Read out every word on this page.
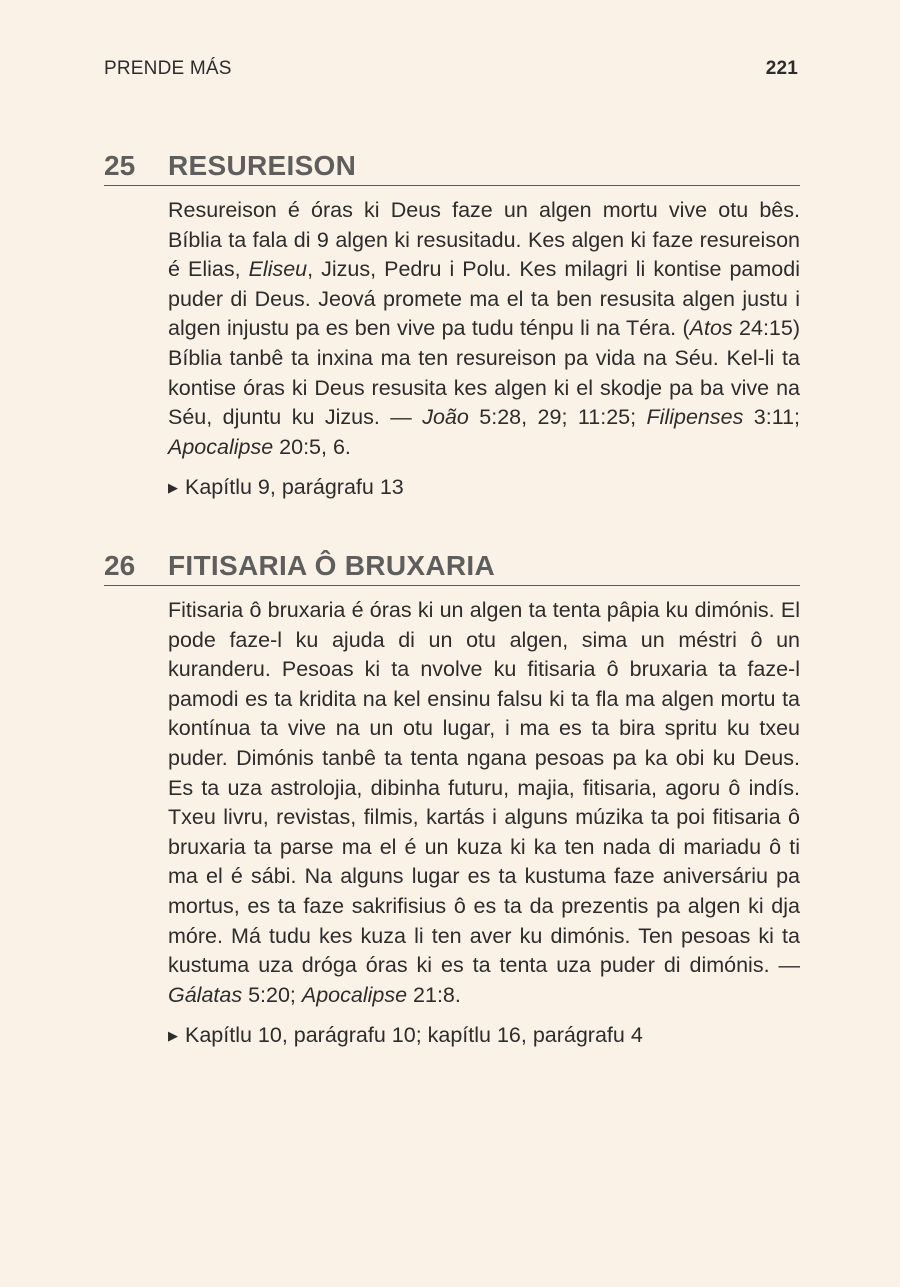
PRENDE MÁS	221
25	RESUREISON

Resureison é óras ki Deus faze un algen mortu vive otu bês. Bíblia ta fala di 9 algen ki resusitadu. Kes algen ki faze resureison é Elias, Eliseu, Jizus, Pedru i Polu. Kes milagri li kontise pamodi puder di Deus. Jeová promete ma el ta ben resusita algen justu i algen injustu pa es ben vive pa tudu ténpu li na Téra. (Atos 24:15) Bíblia tanbê ta inxina ma ten resureison pa vida na Séu. Kel-li ta kontise óras ki Deus resusita kes algen ki el skodje pa ba vive na Séu, djuntu ku Jizus. — João 5:28, 29; 11:25; Filipenses 3:11; Apocalipse 20:5, 6.

▶ Kapítlu 9, parágrafu 13
26	FITISARIA Ô BRUXARIA

Fitisaria ô bruxaria é óras ki un algen ta tenta pâpia ku dimónis. El pode faze-l ku ajuda di un otu algen, sima un méstri ô un kuranderu. Pesoas ki ta nvolve ku fitisaria ô bruxaria ta faze-l pamodi es ta kridita na kel ensinu falsu ki ta fla ma algen mortu ta kontínua ta vive na un otu lugar, i ma es ta bira spritu ku txeu puder. Dimónis tanbê ta tenta ngana pesoas pa ka obi ku Deus. Es ta uza astrolojia, dibinha futuru, majia, fitisaria, agoru ô indís. Txeu livru, revistas, filmis, kartás i alguns múzika ta poi fitisaria ô bruxaria ta parse ma el é un kuza ki ka ten nada di mariadu ô ti ma el é sábi. Na alguns lugar es ta kustuma faze aniversáriu pa mortus, es ta faze sakrifisius ô es ta da prezentis pa algen ki dja móre. Má tudu kes kuza li ten aver ku dimónis. Ten pesoas ki ta kustuma uza dróga óras ki es ta tenta uza puder di dimónis. — Gálatas 5:20; Apocalipse 21:8.

▶ Kapítlu 10, parágrafu 10; kapítlu 16, parágrafu 4
